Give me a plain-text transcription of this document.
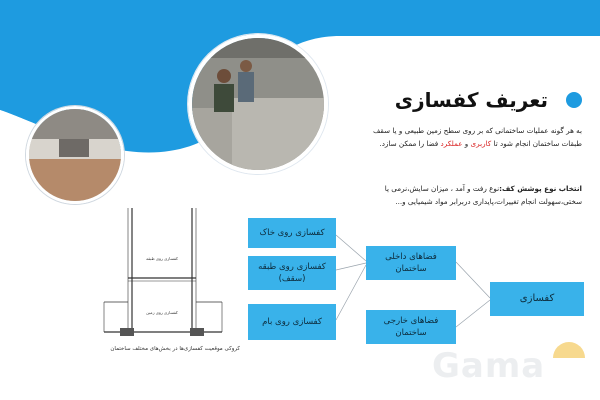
تعریف کفسازی
به هر گونه عملیات ساختمانی که بر روی سطح زمین طبیعی و یا سقف طبقات ساختمان انجام شود تا کاربری و عملکرد فضا را ممکن سازد.
انتخاب نوع پوشش کف:نوع رفت و آمد ، میزان سایش،نرمی یا سختی،سهولت انجام تغییرات،پایداری دربرابر مواد شیمیایی و...
کفسازی روی خاک
کفسازی روی طبقه (سقف)
کفسازی روی بام
فضاهای داخلی ساختمان
فضاهای خارجی ساختمان
کفسازی
کفسازی روی طبقه
کفسازی روی زمین
کروکی موقعیت کفسازی‌ها در بخش‌های مختلف ساختمان	Gama
